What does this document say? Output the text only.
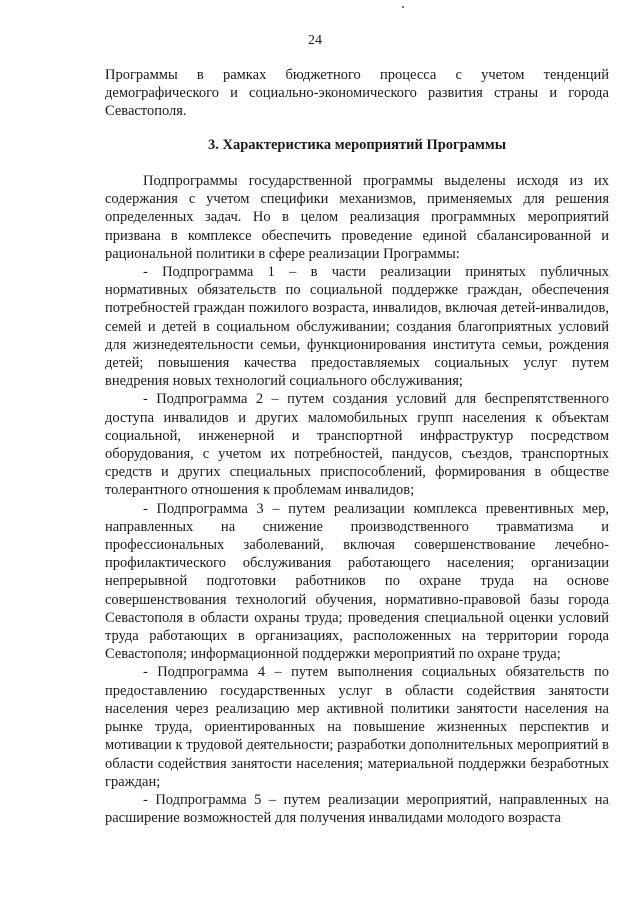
24

Программы в рамках бюджетного процесса с учетом тенденций демографического и социально-экономического развития страны и города Севастополя.

3. Характеристика мероприятий Программы

Подпрограммы государственной программы выделены исходя из их содержания с учетом специфики механизмов, применяемых для решения определенных задач. Но в целом реализация программных мероприятий призвана в комплексе обеспечить проведение единой сбалансированной и рациональной политики в сфере реализации Программы:

- Подпрограмма 1 – в части реализации принятых публичных нормативных обязательств по социальной поддержке граждан, обеспечения потребностей граждан пожилого возраста, инвалидов, включая детей-инвалидов, семей и детей в социальном обслуживании; создания благоприятных условий для жизнедеятельности семьи, функционирования института семьи, рождения детей; повышения качества предоставляемых социальных услуг путем внедрения новых технологий социального обслуживания;

- Подпрограмма 2 – путем создания условий для беспрепятственного доступа инвалидов и других маломобильных групп населения к объектам социальной, инженерной и транспортной инфраструктур посредством оборудования, с учетом их потребностей, пандусов, съездов, транспортных средств и других специальных приспособлений, формирования в обществе толерантного отношения к проблемам инвалидов;

- Подпрограмма 3 – путем реализации комплекса превентивных мер, направленных на снижение производственного травматизма и профессиональных заболеваний, включая совершенствование лечебно-профилактического обслуживания работающего населения; организации непрерывной подготовки работников по охране труда на основе совершенствования технологий обучения, нормативно-правовой базы города Севастополя в области охраны труда; проведения специальной оценки условий труда работающих в организациях, расположенных на территории города Севастополя; информационной поддержки мероприятий по охране труда;

- Подпрограмма 4 – путем выполнения социальных обязательств по предоставлению государственных услуг в области содействия занятости населения через реализацию мер активной политики занятости населения на рынке труда, ориентированных на повышение жизненных перспектив и мотивации к трудовой деятельности; разработки дополнительных мероприятий в области содействия занятости населения; материальной поддержки безработных граждан;

- Подпрограмма 5 – путем реализации мероприятий, направленных на расширение возможностей для получения инвалидами молодого возраста
